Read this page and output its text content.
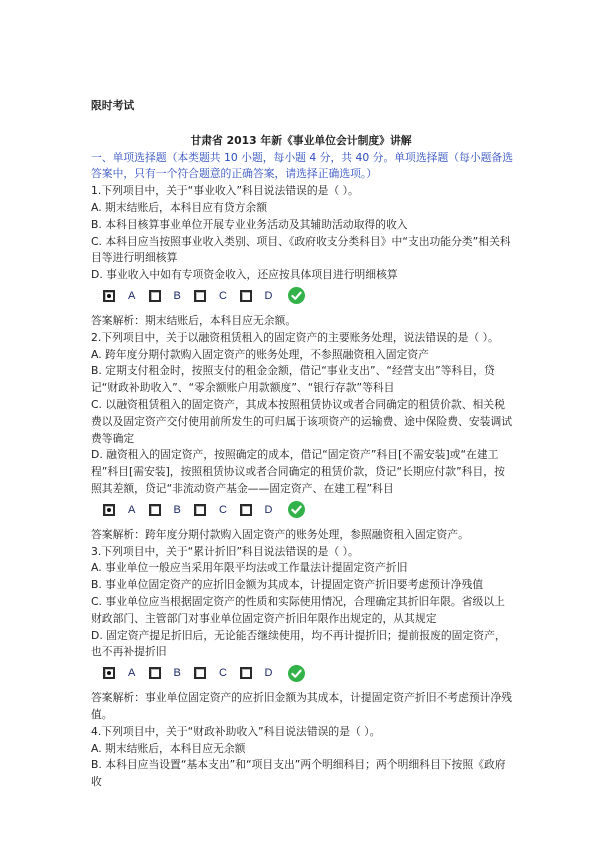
限时考试
甘肃省 2013 年新《事业单位会计制度》讲解
一、单项选择题（本类题共 10 小题，每小题 4 分，共 40 分。单项选择题（每小题备选答案中，只有一个符合题意的正确答案，请选择正确选项。）
1.下列项目中，关于“事业收入”科目说法错误的是（ ）。
A. 期末结账后，本科目应有贷方余额
B. 本科目核算事业单位开展专业业务活动及其辅助活动取得的收入
C. 本科目应当按照事业收入类别、项目、《政府收支分类科目》中“支出功能分类”相关科目等进行明细核算
D. 事业收入中如有专项资金收入，还应按具体项目进行明细核算
A	B	C	D
答案解析：期末结账后，本科目应无余额。
2.下列项目中，关于以融资租赁租入的固定资产的主要账务处理，说法错误的是（ ）。
A. 跨年度分期付款购入固定资产的账务处理，不参照融资租入固定资产
B. 定期支付租金时，按照支付的租金金额，借记“事业支出”、“经营支出”等科目，贷记“财政补助收入”、“零余额账户用款额度”、“银行存款”等科目
C. 以融资租赁租入的固定资产，其成本按照租赁协议或者合同确定的租赁价款、相关税费以及固定资产交付使用前所发生的可归属于该项资产的运输费、途中保险费、安装调试费等确定
D. 融资租入的固定资产，按照确定的成本，借记“固定资产”科目[不需安装]或“在建工程”科目[需安装]，按照租赁协议或者合同确定的租赁价款，贷记“长期应付款”科目，按照其差额，贷记“非流动资产基金——固定资产、在建工程”科目
A	B	C	D
答案解析：跨年度分期付款购入固定资产的账务处理，参照融资租入固定资产。
3.下列项目中，关于“累计折旧”科目说法错误的是（ ）。
A. 事业单位一般应当采用年限平均法或工作量法计提固定资产折旧
B. 事业单位固定资产的应折旧金额为其成本，计提固定资产折旧要考虑预计净残值
C. 事业单位应当根据固定资产的性质和实际使用情况，合理确定其折旧年限。省级以上财政部门、主管部门对事业单位固定资产折旧年限作出规定的，从其规定
D. 固定资产提足折旧后，无论能否继续使用，均不再计提折旧；提前报废的固定资产，也不再补提折旧
A	B	C	D
答案解析：事业单位固定资产的应折旧金额为其成本，计提固定资产折旧不考虑预计净残值。
4.下列项目中，关于“财政补助收入”科目说法错误的是（ ）。
A. 期末结账后，本科目应无余额
B. 本科目应当设置“基本支出”和“项目支出”两个明细科目；两个明细科目下按照《政府收
